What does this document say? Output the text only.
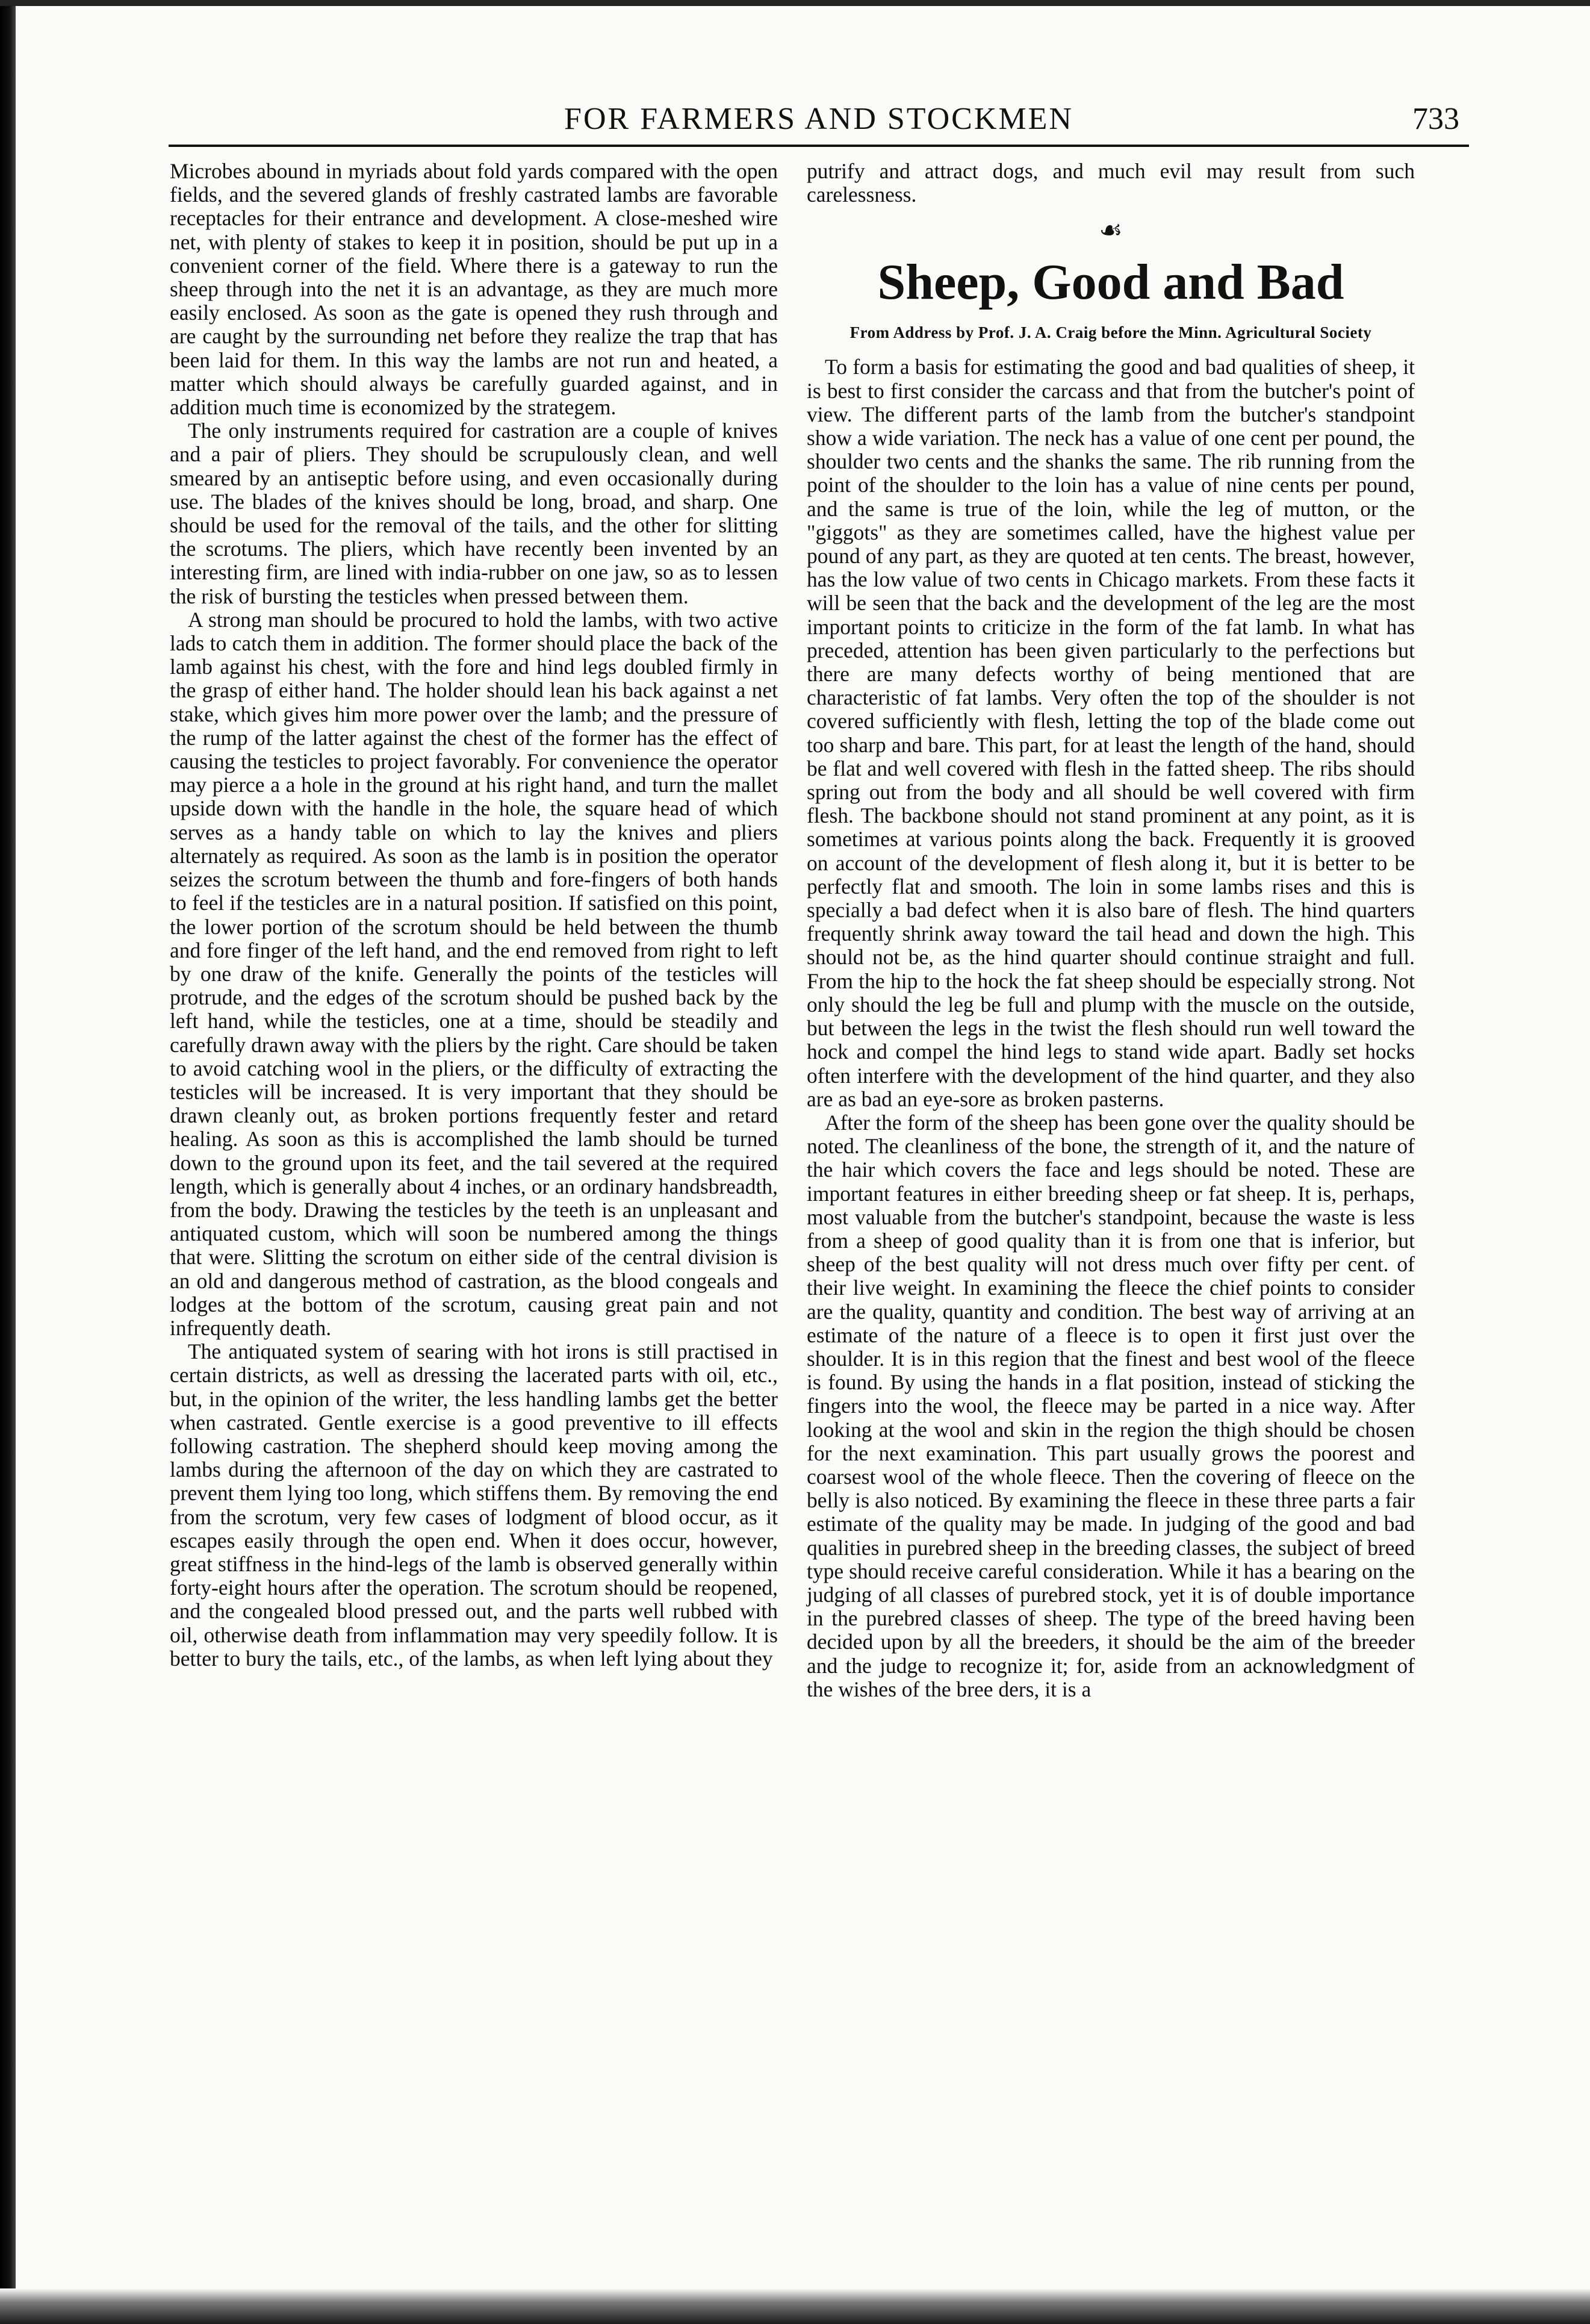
FOR FARMERS AND STOCKMEN	733

Microbes abound in myriads about fold yards compared with the open fields, and the severed glands of freshly castrated lambs are favorable receptacles for their entrance and development. A close-meshed wire net, with plenty of stakes to keep it in position, should be put up in a convenient corner of the field. Where there is a gateway to run the sheep through into the net it is an advantage, as they are much more easily enclosed. As soon as the gate is opened they rush through and are caught by the surrounding net before they realize the trap that has been laid for them. In this way the lambs are not run and heated, a matter which should always be carefully guarded against, and in addition much time is economized by the strategem.

The only instruments required for castration are a couple of knives and a pair of pliers. They should be scrupulously clean, and well smeared by an antiseptic before using, and even occasionally during use. The blades of the knives should be long, broad, and sharp. One should be used for the removal of the tails, and the other for slitting the scrotums. The pliers, which have recently been invented by an interesting firm, are lined with india-rubber on one jaw, so as to lessen the risk of bursting the testicles when pressed between them.

A strong man should be procured to hold the lambs, with two active lads to catch them in addition. The former should place the back of the lamb against his chest, with the fore and hind legs doubled firmly in the grasp of either hand. The holder should lean his back against a net stake, which gives him more power over the lamb; and the pressure of the rump of the latter against the chest of the former has the effect of causing the testicles to project favorably. For convenience the operator may pierce a a hole in the ground at his right hand, and turn the mallet upside down with the handle in the hole, the square head of which serves as a handy table on which to lay the knives and pliers alternately as required. As soon as the lamb is in position the operator seizes the scrotum between the thumb and fore-fingers of both hands to feel if the testicles are in a natural position. If satisfied on this point, the lower portion of the scrotum should be held between the thumb and fore finger of the left hand, and the end removed from right to left by one draw of the knife. Generally the points of the testicles will protrude, and the edges of the scrotum should be pushed back by the left hand, while the testicles, one at a time, should be steadily and carefully drawn away with the pliers by the right. Care should be taken to avoid catching wool in the pliers, or the difficulty of extracting the testicles will be increased. It is very important that they should be drawn cleanly out, as broken portions frequently fester and retard healing. As soon as this is accomplished the lamb should be turned down to the ground upon its feet, and the tail severed at the required length, which is generally about 4 inches, or an ordinary handsbreadth, from the body. Drawing the testicles by the teeth is an unpleasant and antiquated custom, which will soon be numbered among the things that were. Slitting the scrotum on either side of the central division is an old and dangerous method of castration, as the blood congeals and lodges at the bottom of the scrotum, causing great pain and not infrequently death.

The antiquated system of searing with hot irons is still practised in certain districts, as well as dressing the lacerated parts with oil, etc., but, in the opinion of the writer, the less handling lambs get the better when castrated. Gentle exercise is a good preventive to ill effects following castration. The shepherd should keep moving among the lambs during the afternoon of the day on which they are castrated to prevent them lying too long, which stiffens them. By removing the end from the scrotum, very few cases of lodgment of blood occur, as it escapes easily through the open end. When it does occur, however, great stiffness in the hind-legs of the lamb is observed generally within forty-eight hours after the operation. The scrotum should be reopened, and the congealed blood pressed out, and the parts well rubbed with oil, otherwise death from inflammation may very speedily follow. It is better to bury the tails, etc., of the lambs, as when left lying about they

putrify and attract dogs, and much evil may result from such carelessness.

☙
Sheep, Good and Bad
From Address by Prof. J. A. Craig before the Minn. Agricultural Society

To form a basis for estimating the good and bad qualities of sheep, it is best to first consider the carcass and that from the butcher's point of view. The different parts of the lamb from the butcher's standpoint show a wide variation. The neck has a value of one cent per pound, the shoulder two cents and the shanks the same. The rib running from the point of the shoulder to the loin has a value of nine cents per pound, and the same is true of the loin, while the leg of mutton, or the "giggots" as they are sometimes called, have the highest value per pound of any part, as they are quoted at ten cents. The breast, however, has the low value of two cents in Chicago markets. From these facts it will be seen that the back and the development of the leg are the most important points to criticize in the form of the fat lamb. In what has preceded, attention has been given particularly to the perfections but there are many defects worthy of being mentioned that are characteristic of fat lambs. Very often the top of the shoulder is not covered sufficiently with flesh, letting the top of the blade come out too sharp and bare. This part, for at least the length of the hand, should be flat and well covered with flesh in the fatted sheep. The ribs should spring out from the body and all should be well covered with firm flesh. The backbone should not stand prominent at any point, as it is sometimes at various points along the back. Frequently it is grooved on account of the development of flesh along it, but it is better to be perfectly flat and smooth. The loin in some lambs rises and this is specially a bad defect when it is also bare of flesh. The hind quarters frequently shrink away toward the tail head and down the high. This should not be, as the hind quarter should continue straight and full. From the hip to the hock the fat sheep should be especially strong. Not only should the leg be full and plump with the muscle on the outside, but between the legs in the twist the flesh should run well toward the hock and compel the hind legs to stand wide apart. Badly set hocks often interfere with the development of the hind quarter, and they also are as bad an eye-sore as broken pasterns.

After the form of the sheep has been gone over the quality should be noted. The cleanliness of the bone, the strength of it, and the nature of the hair which covers the face and legs should be noted. These are important features in either breeding sheep or fat sheep. It is, perhaps, most valuable from the butcher's standpoint, because the waste is less from a sheep of good quality than it is from one that is inferior, but sheep of the best quality will not dress much over fifty per cent. of their live weight. In examining the fleece the chief points to consider are the quality, quantity and condition. The best way of arriving at an estimate of the nature of a fleece is to open it first just over the shoulder. It is in this region that the finest and best wool of the fleece is found. By using the hands in a flat position, instead of sticking the fingers into the wool, the fleece may be parted in a nice way. After looking at the wool and skin in the region the thigh should be chosen for the next examination. This part usually grows the poorest and coarsest wool of the whole fleece. Then the covering of fleece on the belly is also noticed. By examining the fleece in these three parts a fair estimate of the quality may be made. In judging of the good and bad qualities in purebred sheep in the breeding classes, the subject of breed type should receive careful consideration. While it has a bearing on the judging of all classes of purebred stock, yet it is of double importance in the purebred classes of sheep. The type of the breed having been decided upon by all the breeders, it should be the aim of the breeder and the judge to recognize it; for, aside from an acknowledgment of the wishes of the bree ders, it is a
